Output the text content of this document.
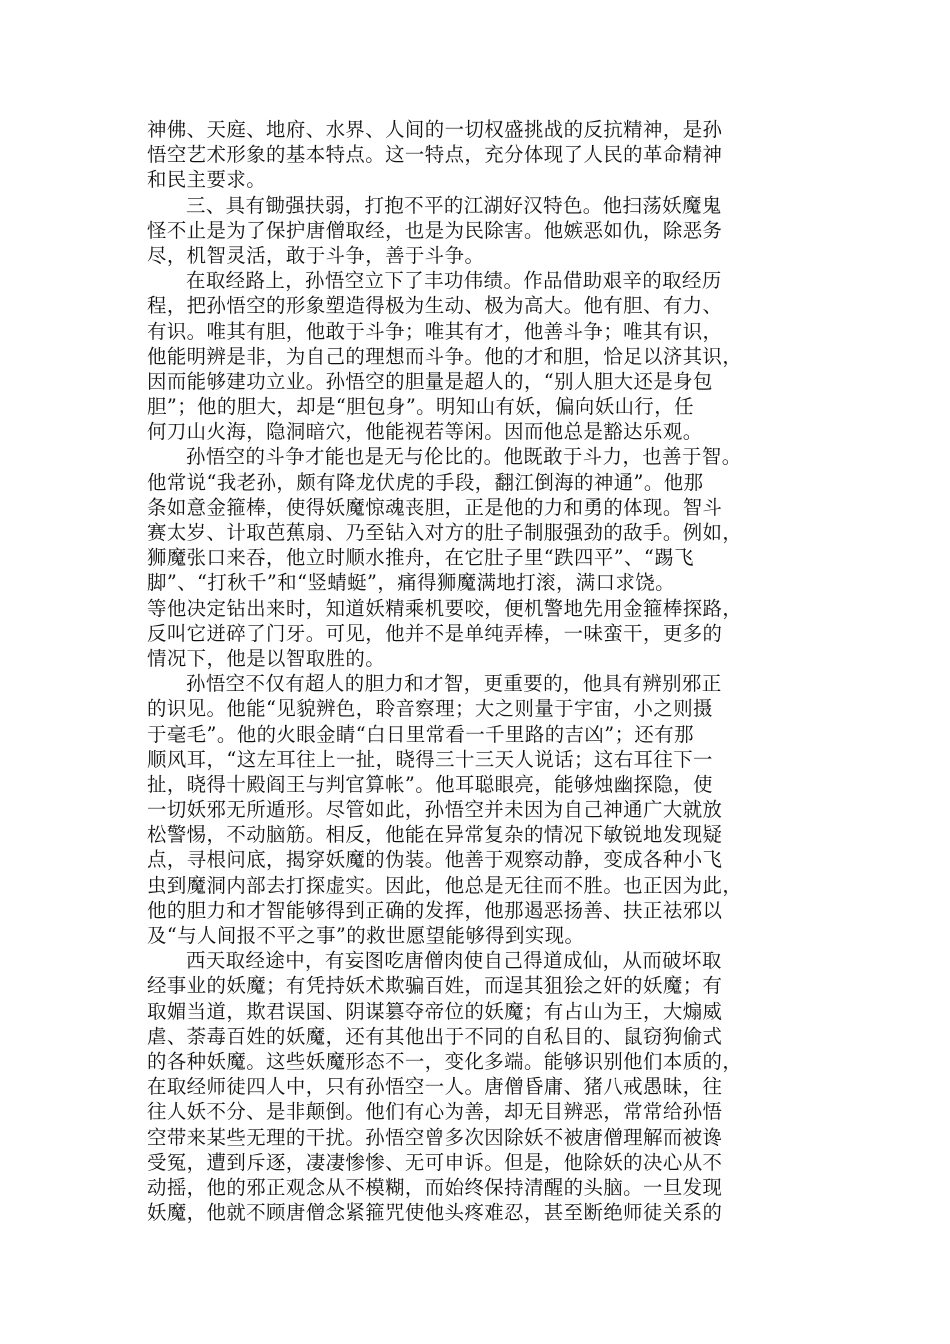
神佛、天庭、地府、水界、人间的一切权盛挑战的反抗精神，是孙
悟空艺术形象的基本特点。这一特点，充分体现了人民的革命精神
和民主要求。
三、具有锄强扶弱，打抱不平的江湖好汉特色。他扫荡妖魔鬼
怪不止是为了保护唐僧取经，也是为民除害。他嫉恶如仇，除恶务
尽，机智灵活，敢于斗争，善于斗争。
在取经路上，孙悟空立下了丰功伟绩。作品借助艰辛的取经历
程，把孙悟空的形象塑造得极为生动、极为高大。他有胆、有力、
有识。唯其有胆，他敢于斗争；唯其有才，他善斗争；唯其有识，
他能明辨是非，为自己的理想而斗争。他的才和胆，恰足以济其识，
因而能够建功立业。孙悟空的胆量是超人的，“别人胆大还是身包
胆”；他的胆大，却是“胆包身”。明知山有妖，偏向妖山行，任
何刀山火海，隐洞暗穴，他能视若等闲。因而他总是豁达乐观。
孙悟空的斗争才能也是无与伦比的。他既敢于斗力，也善于智。
他常说“我老孙，颇有降龙伏虎的手段，翻江倒海的神通”。他那
条如意金箍棒，使得妖魔惊魂丧胆，正是他的力和勇的体现。智斗
赛太岁、计取芭蕉扇、乃至钻入对方的肚子制服强劲的敌手。例如，
狮魔张口来吞，他立时顺水推舟，在它肚子里“跌四平”、“踢飞
脚”、“打秋千”和“竖蜻蜓”，痛得狮魔满地打滚，满口求饶。
等他决定钻出来时，知道妖精乘机要咬，便机警地先用金箍棒探路，
反叫它迸碎了门牙。可见，他并不是单纯弄棒，一味蛮干，更多的
情况下，他是以智取胜的。
孙悟空不仅有超人的胆力和才智，更重要的，他具有辨别邪正
的识见。他能“见貌辨色，聆音察理；大之则量于宇宙，小之则摄
于毫毛”。他的火眼金睛“白日里常看一千里路的吉凶”；还有那
顺风耳，“这左耳往上一扯，晓得三十三天人说话；这右耳往下一
扯，晓得十殿阎王与判官算帐”。他耳聪眼亮，能够烛幽探隐，使
一切妖邪无所遁形。尽管如此，孙悟空并未因为自己神通广大就放
松警惕，不动脑筋。相反，他能在异常复杂的情况下敏锐地发现疑
点，寻根问底，揭穿妖魔的伪装。他善于观察动静，变成各种小飞
虫到魔洞内部去打探虚实。因此，他总是无往而不胜。也正因为此，
他的胆力和才智能够得到正确的发挥，他那遏恶扬善、扶正祛邪以
及“与人间报不平之事”的救世愿望能够得到实现。
西天取经途中，有妄图吃唐僧肉使自己得道成仙，从而破坏取
经事业的妖魔；有凭持妖术欺骗百姓，而逞其狙狯之奸的妖魔；有
取媚当道，欺君误国、阴谋篡夺帝位的妖魔；有占山为王，大煽威
虐、荼毒百姓的妖魔，还有其他出于不同的自私目的、鼠窃狗偷式
的各种妖魔。这些妖魔形态不一，变化多端。能够识别他们本质的，
在取经师徒四人中，只有孙悟空一人。唐僧昏庸、猪八戒愚昧，往
往人妖不分、是非颠倒。他们有心为善，却无目辨恶，常常给孙悟
空带来某些无理的干扰。孙悟空曾多次因除妖不被唐僧理解而被谗
受冤，遭到斥逐，凄凄惨惨、无可申诉。但是，他除妖的决心从不
动摇，他的邪正观念从不模糊，而始终保持清醒的头脑。一旦发现
妖魔，他就不顾唐僧念紧箍咒使他头疼难忍，甚至断绝师徒关系的
